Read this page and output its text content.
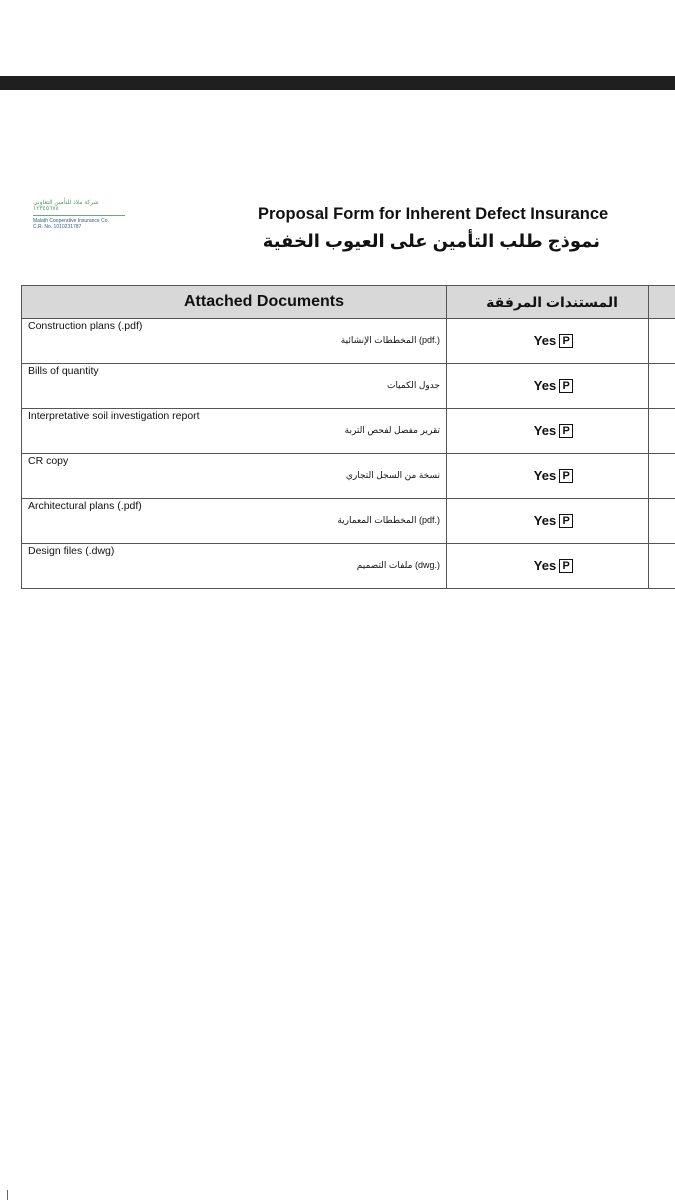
شركة ملاذ للتأمين التعاوني
١٢٣٤٥٦٧٨
Malath Cooperative Insurance Co.
C.R. No. 1010231787
Proposal Form for Inherent Defect Insurance
نموذج طلب التأمين على العيوب الخفية
Attached Documents	المستندات المرفقة	

Construction plans (.pdf)
(.pdf) المخططات الإنشائية	Yes P	

Bills of quantity
جدول الكميات	Yes P	

Interpretative soil investigation report
تقرير مفصل لفحص التربة	Yes P	

CR copy
نسخة من السجل التجاري	Yes P	

Architectural plans (.pdf)
(.pdf) المخططات المعمارية	Yes P	

Design files (.dwg)
(.dwg) ملفات التصميم	Yes P	
